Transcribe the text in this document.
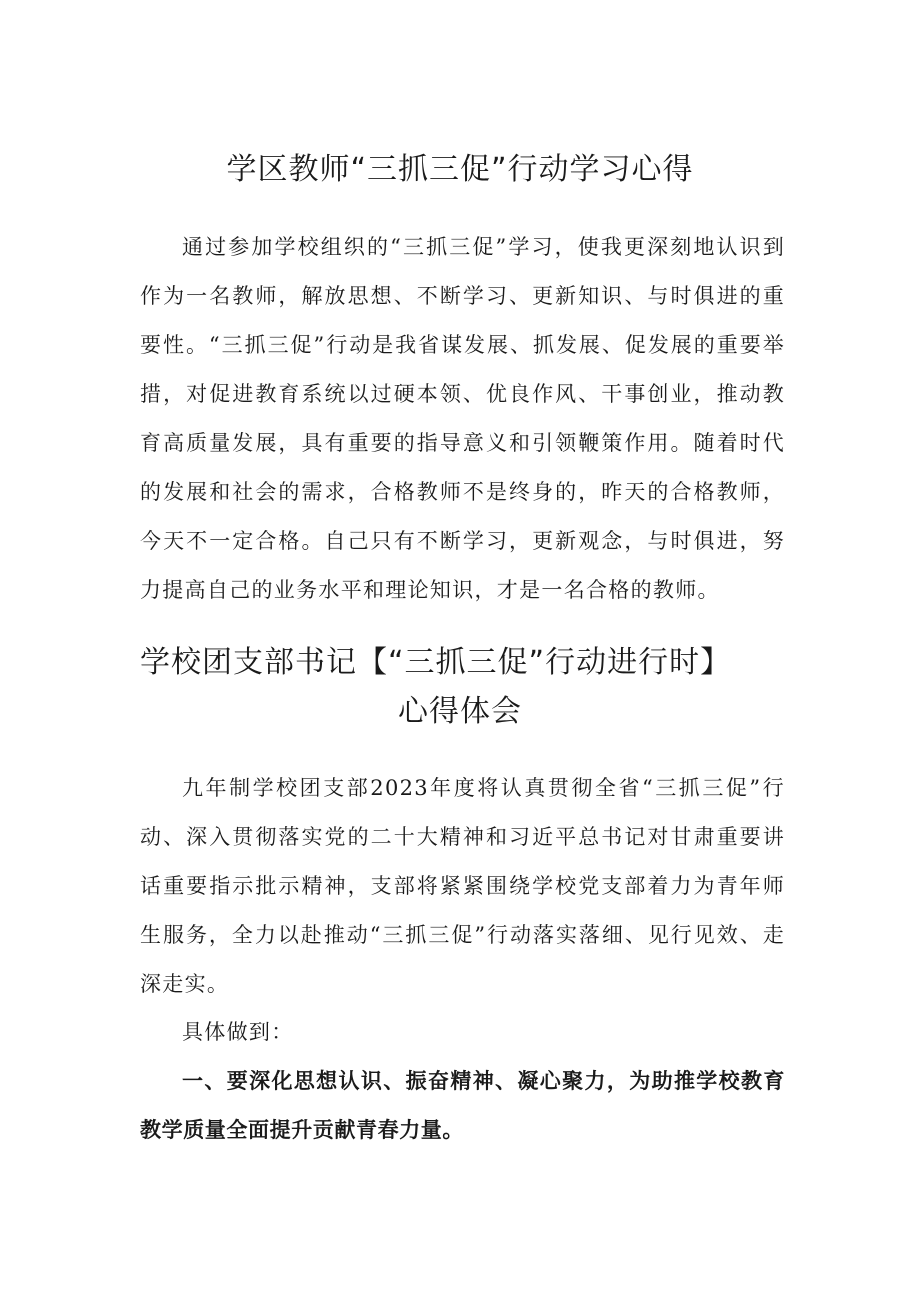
学区教师“三抓三促”行动学习心得

通过参加学校组织的“三抓三促”学习，使我更深刻地认识到作为一名教师，解放思想、不断学习、更新知识、与时俱进的重要性。“三抓三促”行动是我省谋发展、抓发展、促发展的重要举措，对促进教育系统以过硬本领、优良作风、干事创业，推动教育高质量发展，具有重要的指导意义和引领鞭策作用。随着时代的发展和社会的需求，合格教师不是终身的，昨天的合格教师，今天不一定合格。自己只有不断学习，更新观念，与时俱进，努力提高自己的业务水平和理论知识，才是一名合格的教师。

学校团支部书记【“三抓三促”行动进行时】
心得体会

九年制学校团支部2023年度将认真贯彻全省“三抓三促”行动、深入贯彻落实党的二十大精神和习近平总书记对甘肃重要讲话重要指示批示精神，支部将紧紧围绕学校党支部着力为青年师生服务，全力以赴推动“三抓三促”行动落实落细、见行见效、走深走实。

具体做到：

一、要深化思想认识、振奋精神、凝心聚力，为助推学校教育教学质量全面提升贡献青春力量。
